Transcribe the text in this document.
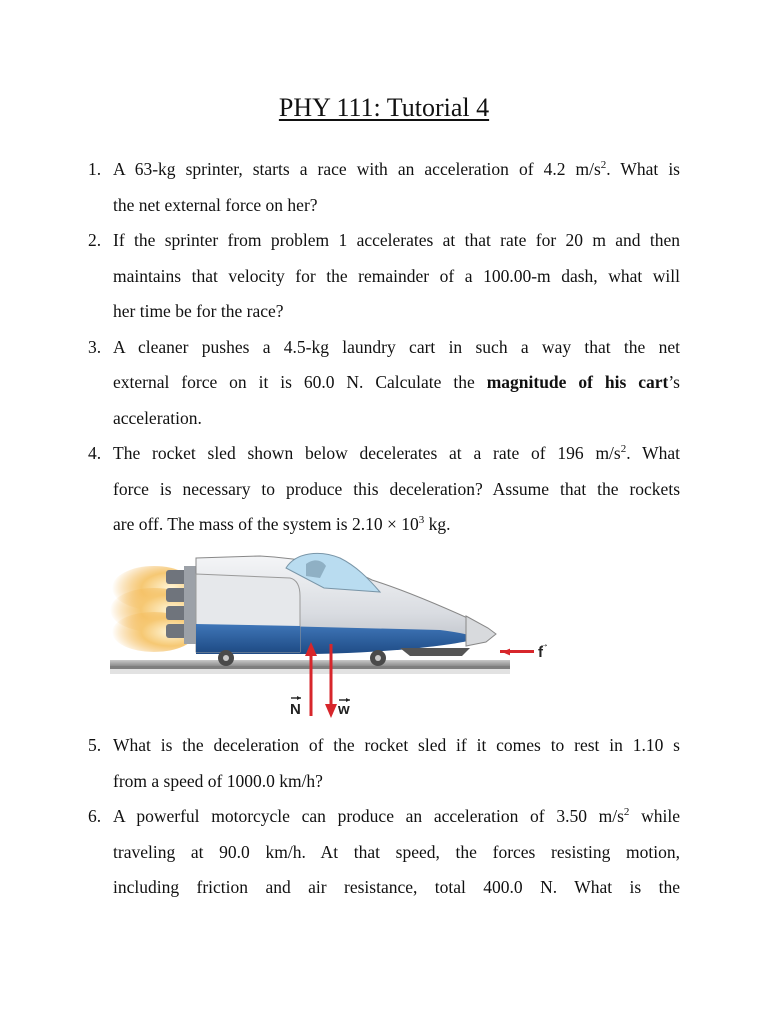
PHY 111: Tutorial 4
1. A 63-kg sprinter, starts a race with an acceleration of 4.2 $m/s^2$. What is
the net external force on her?
2. If the sprinter from problem 1 accelerates at that rate for 20 m and then
maintains that velocity for the remainder of a 100.00-m dash, what will
her time be for the race?
3. A cleaner pushes a 4.5-kg laundry cart in such a way that the net
external force on it is 60.0 N. Calculate the magnitude of his cart’s
acceleration.
4. The rocket sled shown below decelerates at a rate of 196 $m/s^2$. What
force is necessary to produce this deceleration? Assume that the rockets
are off. The mass of the system is $2.10 \times 10^3$ kg.
N w
→
f
5. What is the deceleration of the rocket sled if it comes to rest in 1.10 s
from a speed of 1000.0 km/h?
6. A powerful motorcycle can produce an acceleration of 3.50 $m/s^2$ while
traveling at 90.0 km/h. At that speed, the forces resisting motion,
including friction and air resistance, total 400.0 N. What is the
